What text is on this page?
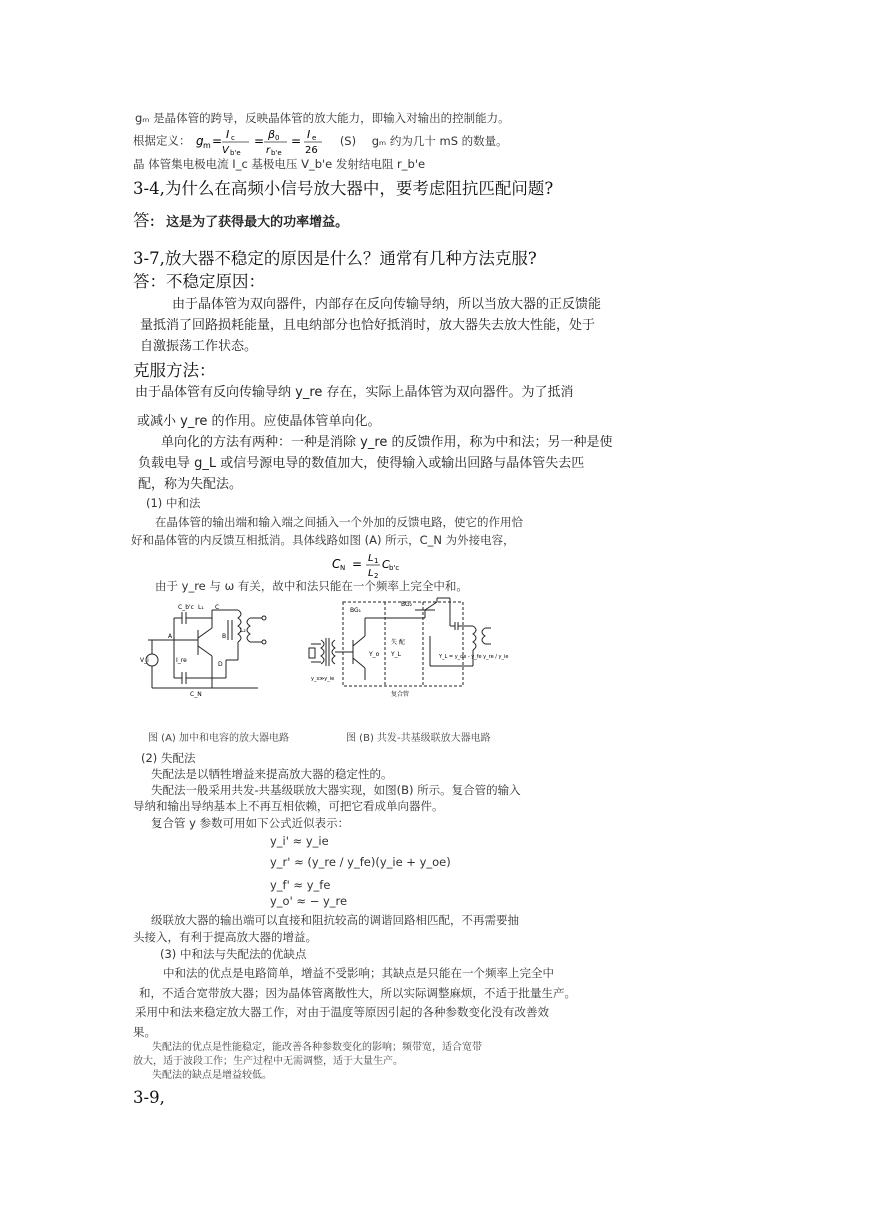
gₘ 是晶体管的跨导，反映晶体管的放大能力，即输入对输出的控制能力。
根据定义： g m = I c
V b'e
= β 0
r b'e
= I e
26
(S) gₘ 约为几十 mS 的数量。
晶 体管集电极电流 I_c 基极电压 V_b'e 发射结电阻 r_b'e
3-4,为什么在高频小信号放大器中，要考虑阻抗匹配问题?
答: 这是为了获得最大的功率增益。
3-7,放大器不稳定的原因是什么？通常有几种方法克服?
答：不稳定原因：
由于晶体管为双向器件，内部存在反向传输导纳，所以当放大器的正反馈能
量抵消了回路损耗能量，且电纳部分也恰好抵消时，放大器失去放大性能，处于
自激振荡工作状态。
克服方法：
由于晶体管有反向传输导纳 y_re 存在，实际上晶体管为双向器件。为了抵消
或减小 y_re 的作用。应使晶体管单向化。
单向化的方法有两种：一种是消除 y_re 的反馈作用，称为中和法；另一种是使
负载电导 g_L 或信号源电导的数值加大，使得输入或输出回路与晶体管失去匹
配，称为失配法。
(1) 中和法
在晶体管的输出端和输入端之间插入一个外加的反馈电路，使它的作用恰
好和晶体管的内反馈互相抵消。具体线路如图 (A) 所示，C_N 为外接电容，
C N = L 1
L 2
C b'c
由于 y_re 与 ω 有关，故中和法只能在一个频率上完全中和。
C_b'c L₁ C
B
L₂
A
D
V_i
C_N
I_re
BG₁
BG₂
失 配
Y_L
Y_o
y_s≫y_ie
Y_L = y_oe - y_fe y_re / y_ie
复合管
图 (A) 加中和电容的放大器电路	图 (B) 共发-共基级联放大器电路
(2) 失配法
失配法是以牺牲增益来提高放大器的稳定性的。
失配法一般采用共发-共基级联放大器实现，如图(B) 所示。复合管的输入
导纳和输出导纳基本上不再互相依赖，可把它看成单向器件。
复合管 y 参数可用如下公式近似表示：
y_i' ≈ y_ie
y_r' ≈ (y_re / y_fe)(y_ie + y_oe)
y_f' ≈ y_fe
y_o' ≈ − y_re
级联放大器的输出端可以直接和阻抗较高的调谐回路相匹配，不再需要抽
头接入，有利于提高放大器的增益。
(3) 中和法与失配法的优缺点
中和法的优点是电路简单，增益不受影响；其缺点是只能在一个频率上完全中
和，不适合宽带放大器；因为晶体管离散性大，所以实际调整麻烦，不适于批量生产。
采用中和法来稳定放大器工作，对由于温度等原因引起的各种参数变化没有改善效
果。
失配法的优点是性能稳定，能改善各种参数变化的影响；频带宽，适合宽带
放大，适于波段工作；生产过程中无需调整，适于大量生产。
失配法的缺点是增益较低。
3-9,
